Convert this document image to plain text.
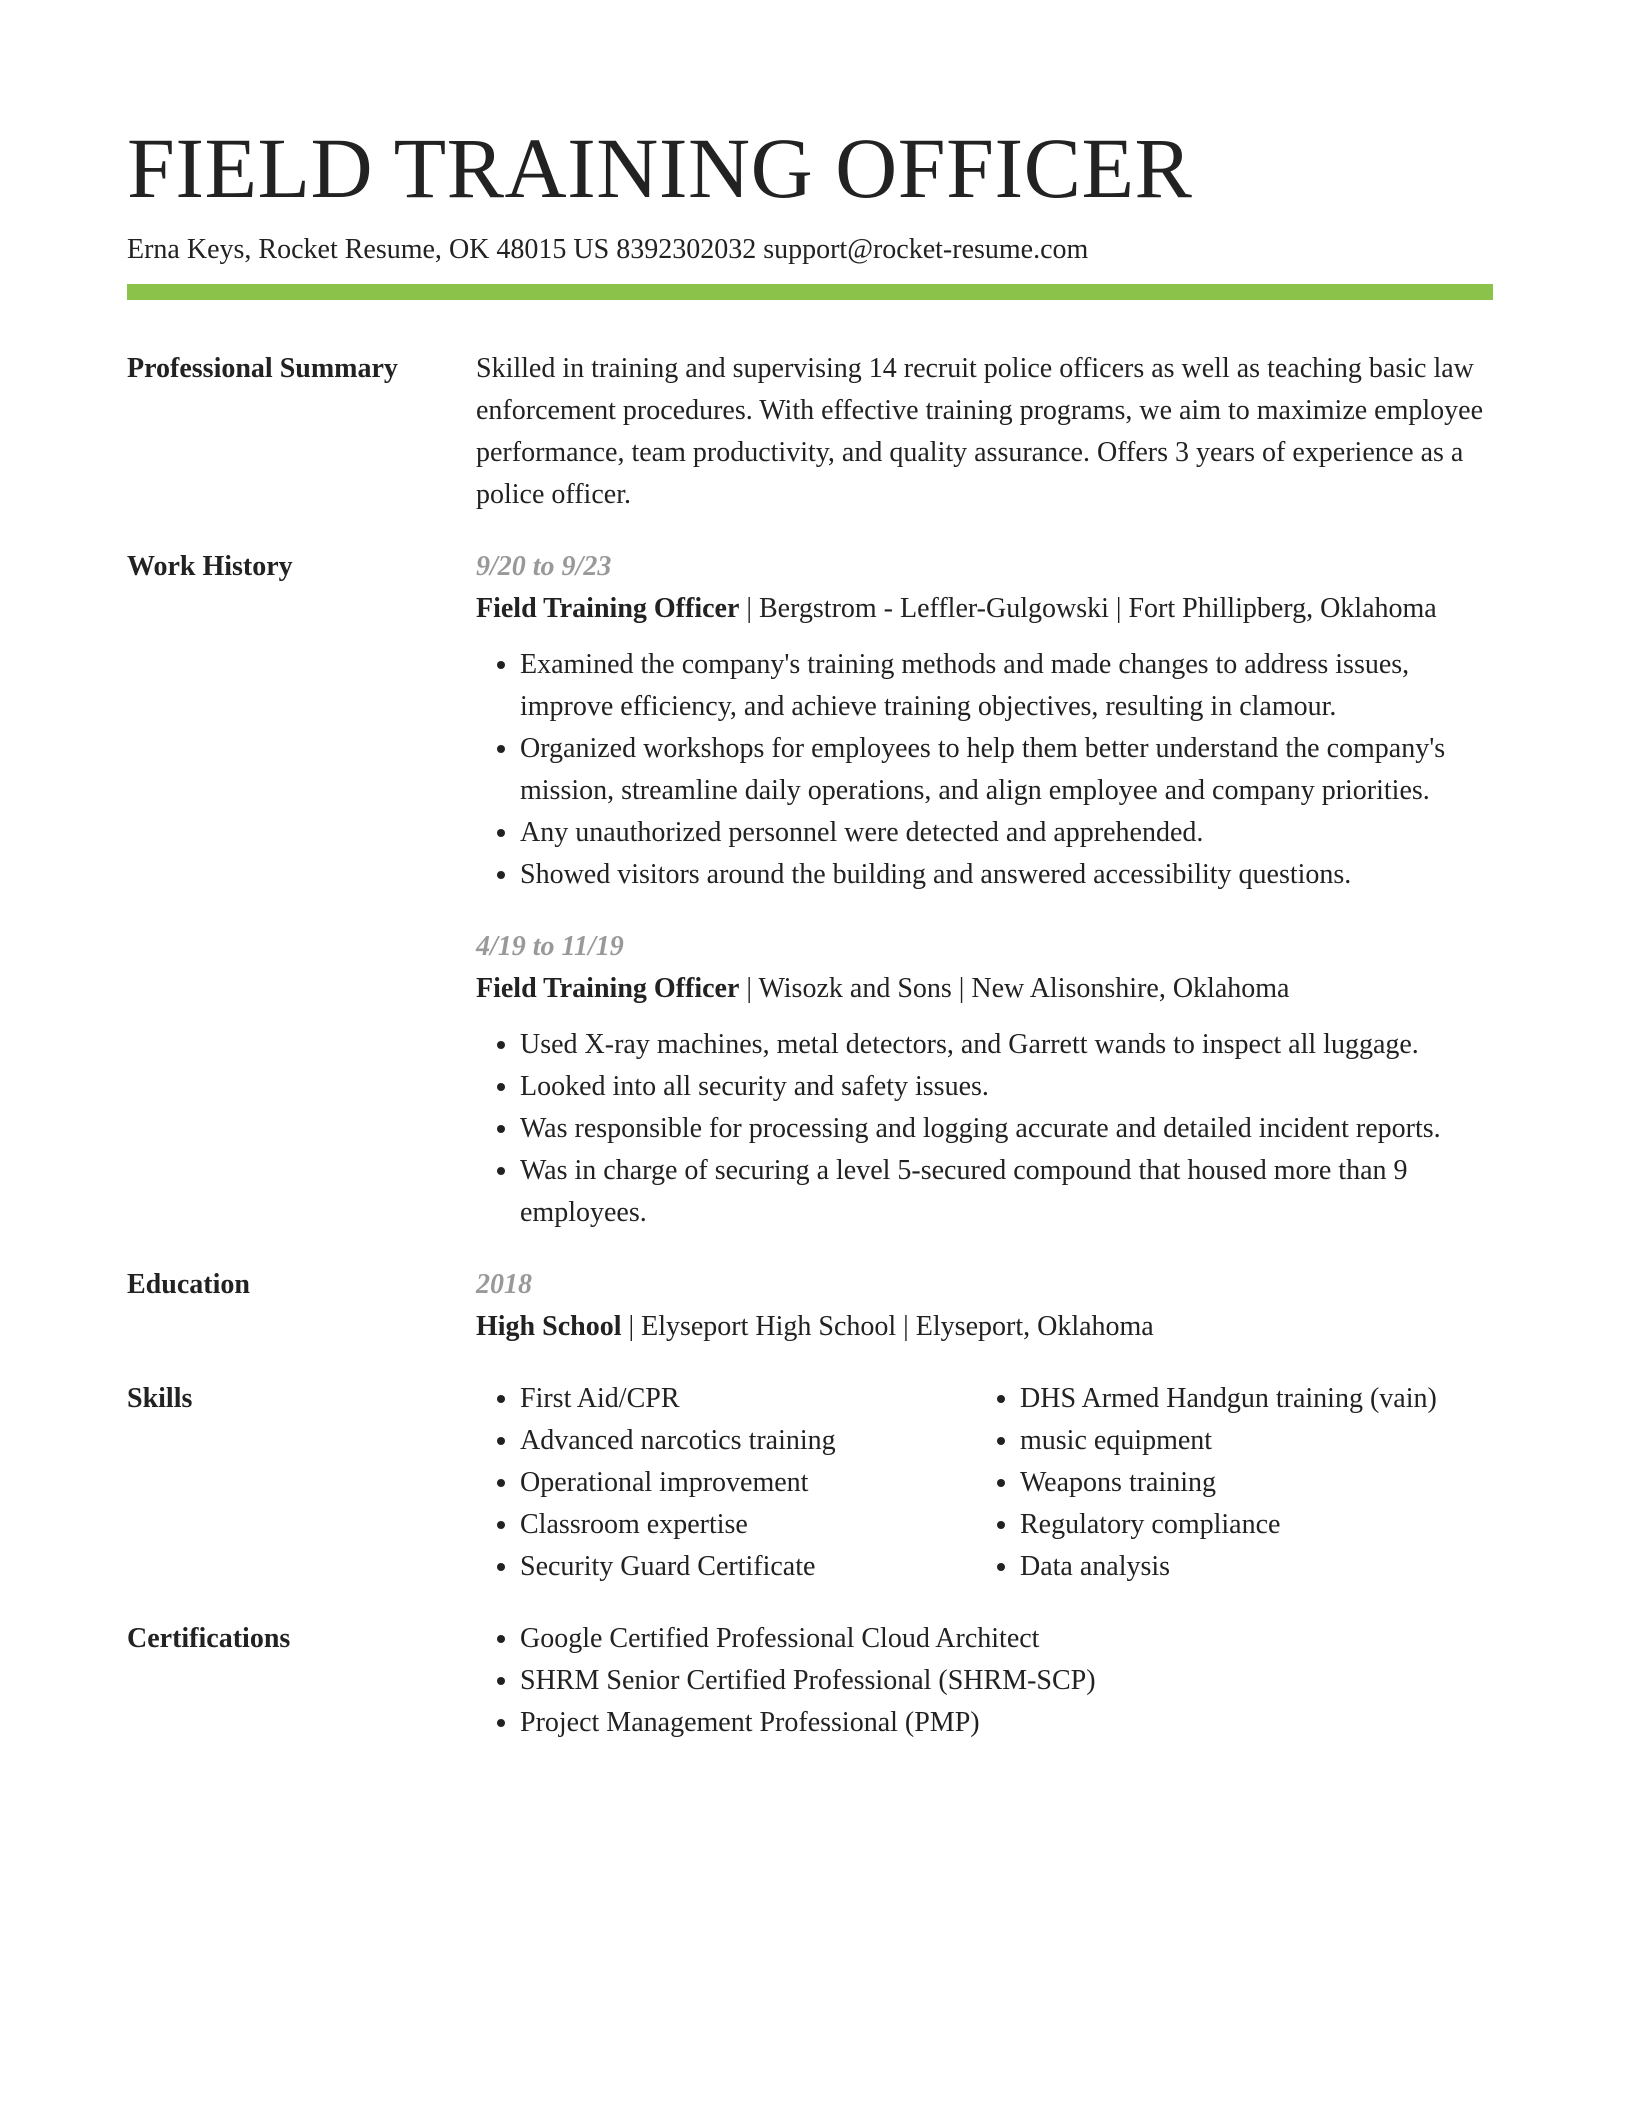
FIELD TRAINING OFFICER
Erna Keys, Rocket Resume, OK 48015 US 8392302032 support@rocket-resume.com
Professional Summary	Skilled in training and supervising 14 recruit police officers as well as teaching basic law enforcement procedures. With effective training programs, we aim to maximize employee performance, team productivity, and quality assurance. Offers 3 years of experience as a police officer.
Work History	9/20 to 9/23
Field Training Officer | Bergstrom - Leffler-Gulgowski | Fort Phillipberg, Oklahoma
• Examined the company's training methods and made changes to address issues, improve efficiency, and achieve training objectives, resulting in clamour.
• Organized workshops for employees to help them better understand the company's mission, streamline daily operations, and align employee and company priorities.
• Any unauthorized personnel were detected and apprehended.
• Showed visitors around the building and answered accessibility questions.
4/19 to 11/19
Field Training Officer | Wisozk and Sons | New Alisonshire, Oklahoma
• Used X-ray machines, metal detectors, and Garrett wands to inspect all luggage.
• Looked into all security and safety issues.
• Was responsible for processing and logging accurate and detailed incident reports.
• Was in charge of securing a level 5-secured compound that housed more than 9 employees.
Education	2018
High School | Elyseport High School | Elyseport, Oklahoma
Skills	• First Aid/CPR
• Advanced narcotics training
• Operational improvement
• Classroom expertise
• Security Guard Certificate
• DHS Armed Handgun training (vain)
• music equipment
• Weapons training
• Regulatory compliance
• Data analysis
Certifications	• Google Certified Professional Cloud Architect
• SHRM Senior Certified Professional (SHRM-SCP)
• Project Management Professional (PMP)
